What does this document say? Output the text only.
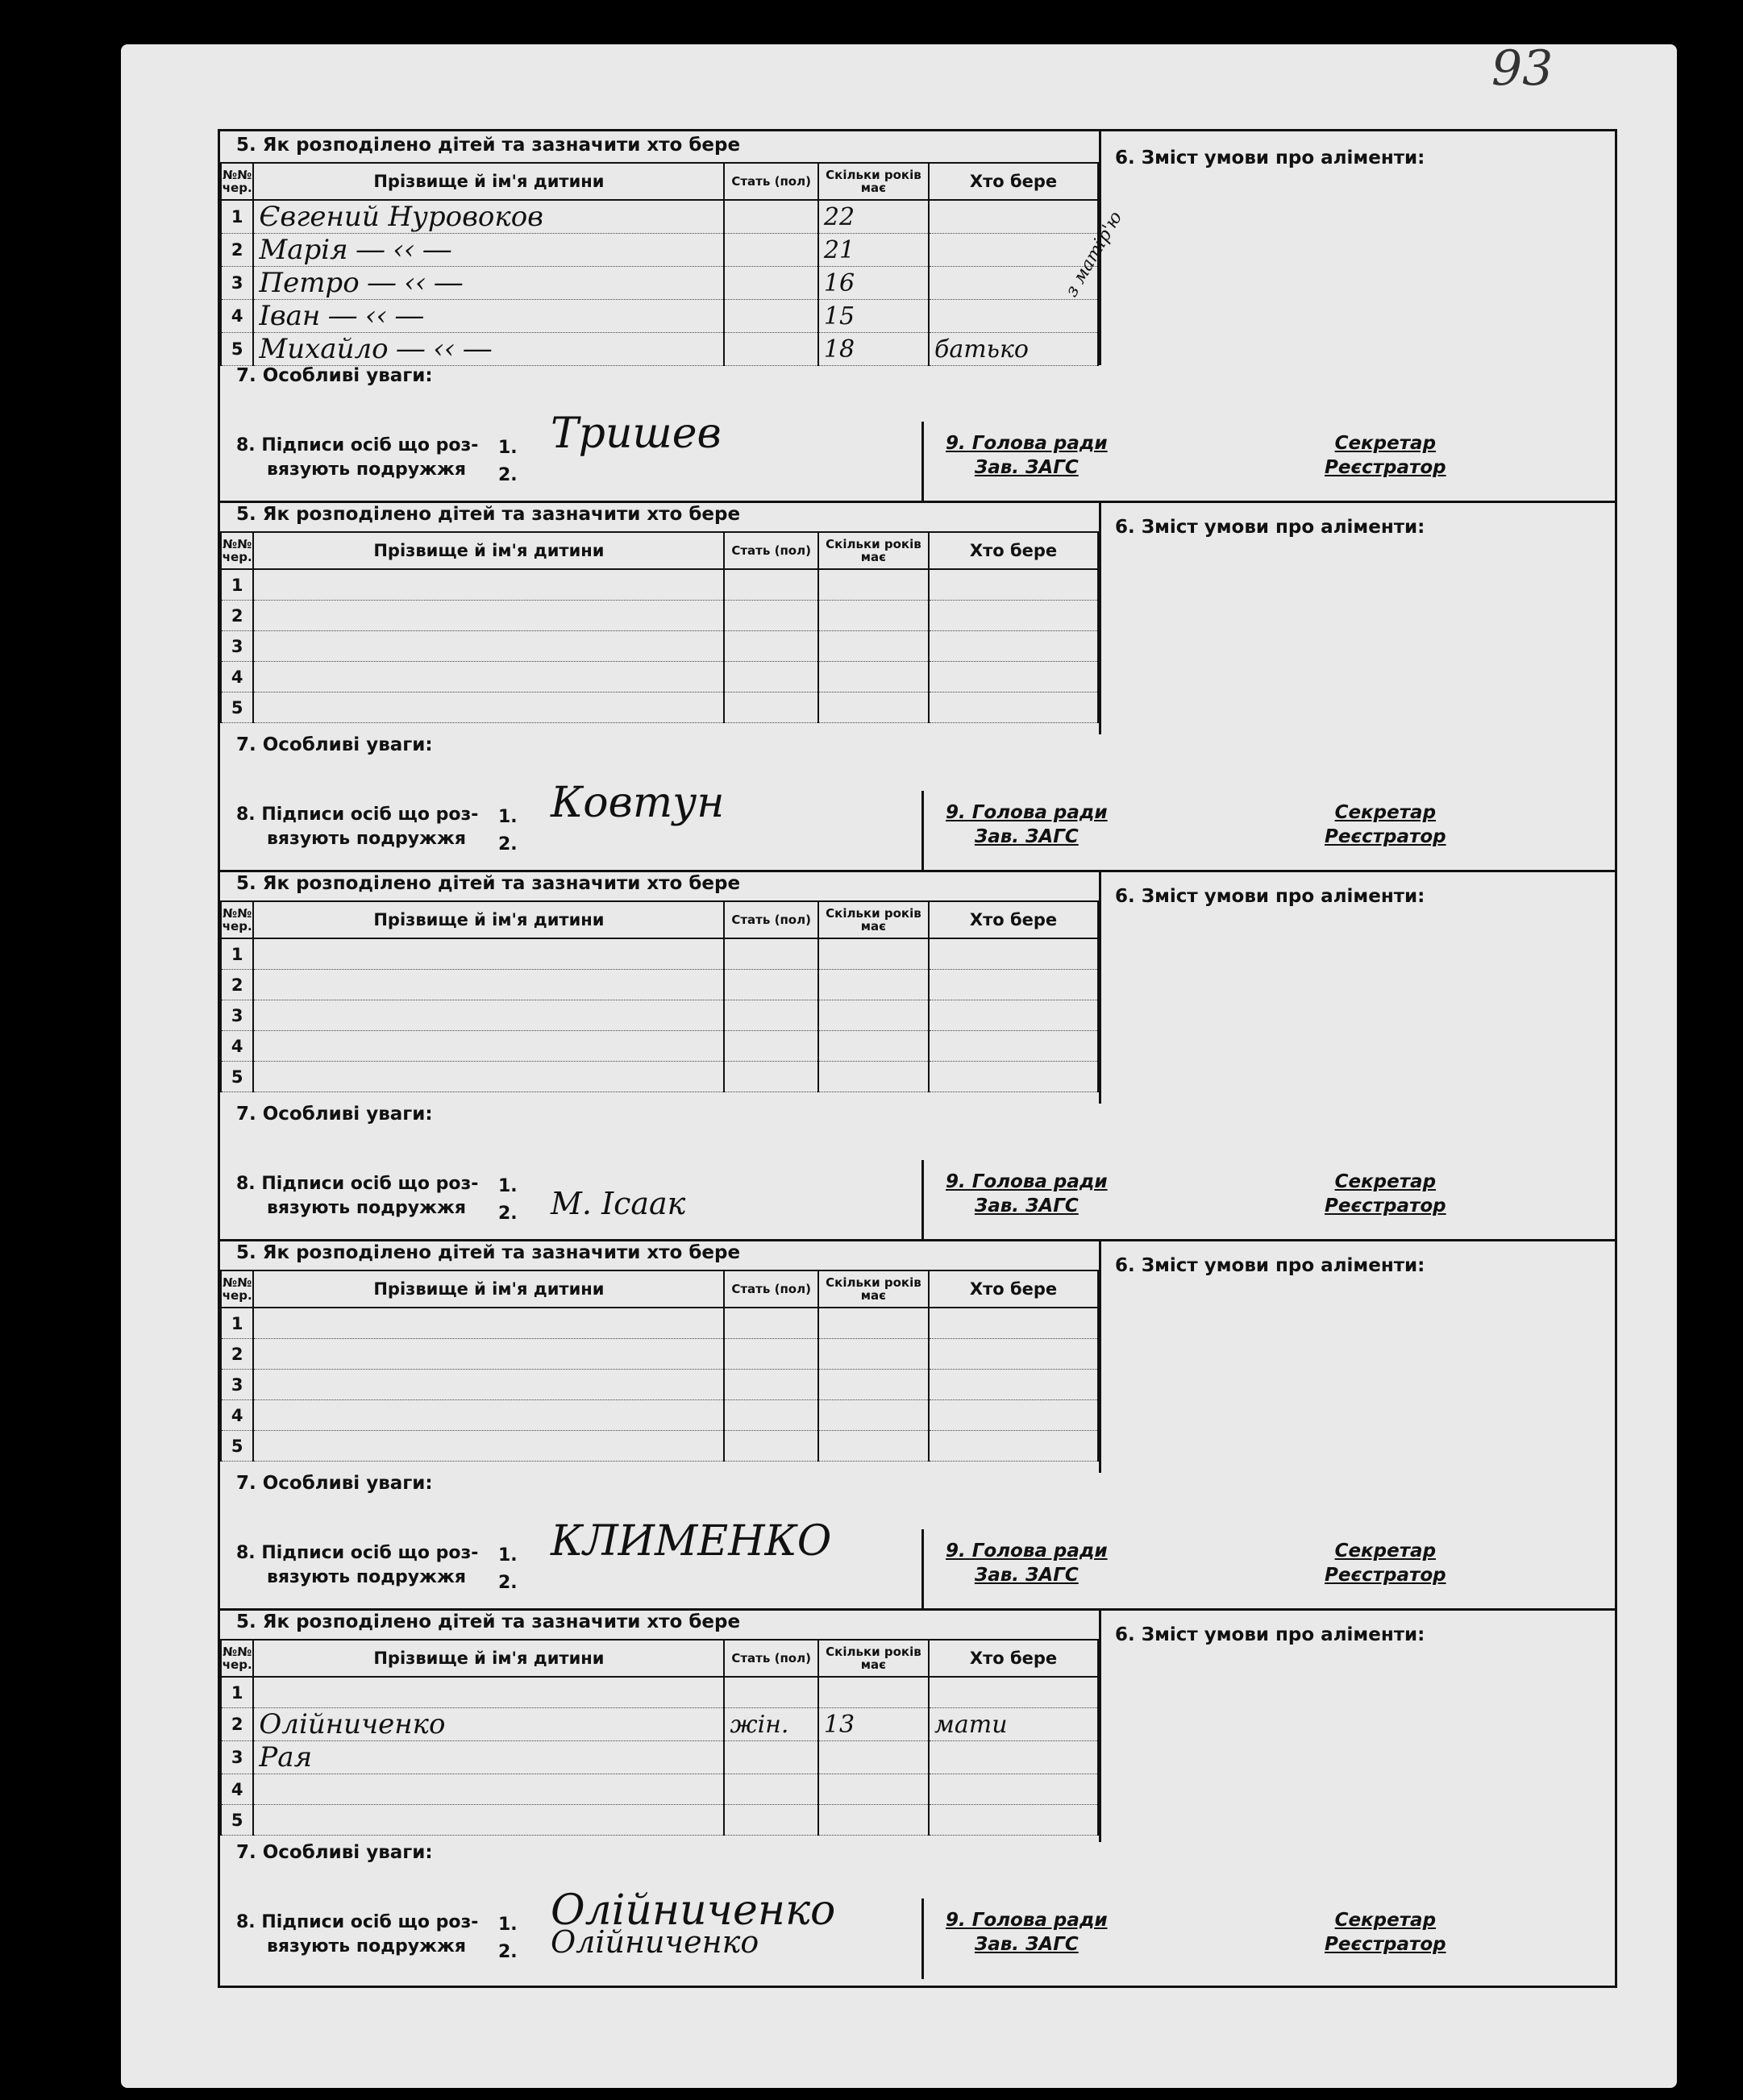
93
5. Як розподілено дітей та зазначити хто бере
6. Зміст умови про аліменти:
№№ чер.	Прізвище й ім'я дитини	Стать (пол)	Скільки років має	Хто бере
1	Євгений Нуровоков		22	
2	Марія ― ‹‹ ―		21	
3	Петро ― ‹‹ ―		16	
4	Іван ― ‹‹ ―		15	
5	Михайло ― ‹‹ ―		18	батько
7. Особливі уваги:
8. Підписи осіб що роз-
вязують подружжя
1.
2.
Тришев	9. Голова ради
Зав. ЗАГС
Секретар
Реєстратор
з матір'ю
5. Як розподілено дітей та зазначити хто бере
6. Зміст умови про аліменти:
№№ чер.	Прізвище й ім'я дитини	Стать (пол)	Скільки років має	Хто бере
1				
2				
3				
4				
5				
7. Особливі уваги:
8. Підписи осіб що роз-
вязують подружжя
1.
2.
Ковтун	9. Голова ради
Зав. ЗАГС
Секретар
Реєстратор
5. Як розподілено дітей та зазначити хто бере
6. Зміст умови про аліменти:
№№ чер.	Прізвище й ім'я дитини	Стать (пол)	Скільки років має	Хто бере
1				
2				
3				
4				
5				
7. Особливі уваги:
8. Підписи осіб що роз-
вязують подружжя
1.
2. М. Ісаак
9. Голова ради
Зав. ЗАГС
Секретар
Реєстратор
5. Як розподілено дітей та зазначити хто бере
6. Зміст умови про аліменти:
№№ чер.	Прізвище й ім'я дитини	Стать (пол)	Скільки років має	Хто бере
1				
2				
3				
4				
5				
7. Особливі уваги:
8. Підписи осіб що роз-
вязують подружжя
1.
2.
КЛИМЕНКО	9. Голова ради
Зав. ЗАГС
Секретар
Реєстратор
5. Як розподілено дітей та зазначити хто бере
6. Зміст умови про аліменти:
№№ чер.	Прізвище й ім'я дитини	Стать (пол)	Скільки років має	Хто бере
1				
2	Олійниченко	жін.	13	мати
3	Рая			
4				
5				
7. Особливі уваги:
8. Підписи осіб що роз-
вязують подружжя
1.
2.
Олійниченко
Олійниченко
9. Голова ради
Зав. ЗАГС
Секретар
Реєстратор
